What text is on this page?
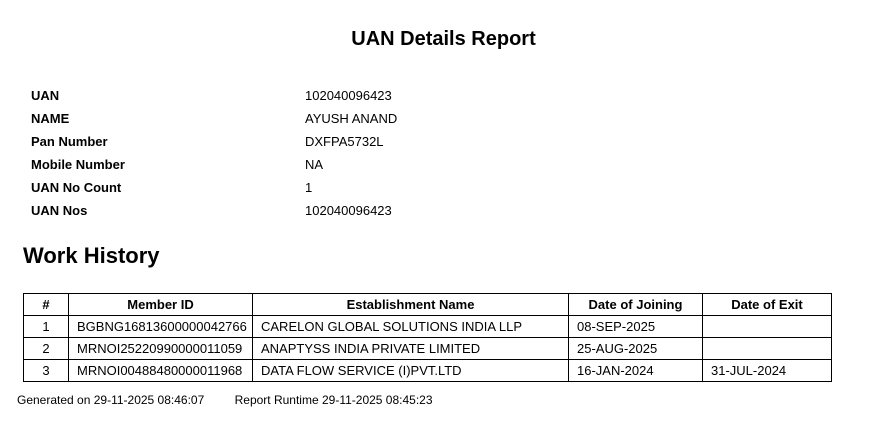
UAN Details Report
UAN	102040096423
NAME	AYUSH ANAND
Pan Number	DXFPA5732L
Mobile Number	NA
UAN No Count	1
UAN Nos	102040096423
Work History
#	Member ID	Establishment Name	Date of Joining	Date of Exit
1	BGBNG16813600000042766	CARELON GLOBAL SOLUTIONS INDIA LLP	08-SEP-2025	
2	MRNOI25220990000011059	ANAPTYSS INDIA PRIVATE LIMITED	25-AUG-2025	
3	MRNOI00488480000011968	DATA FLOW SERVICE (I)PVT.LTD	16-JAN-2024	31-JUL-2024
Generated on 29-11-2025 08:46:07	Report Runtime 29-11-2025 08:45:23
